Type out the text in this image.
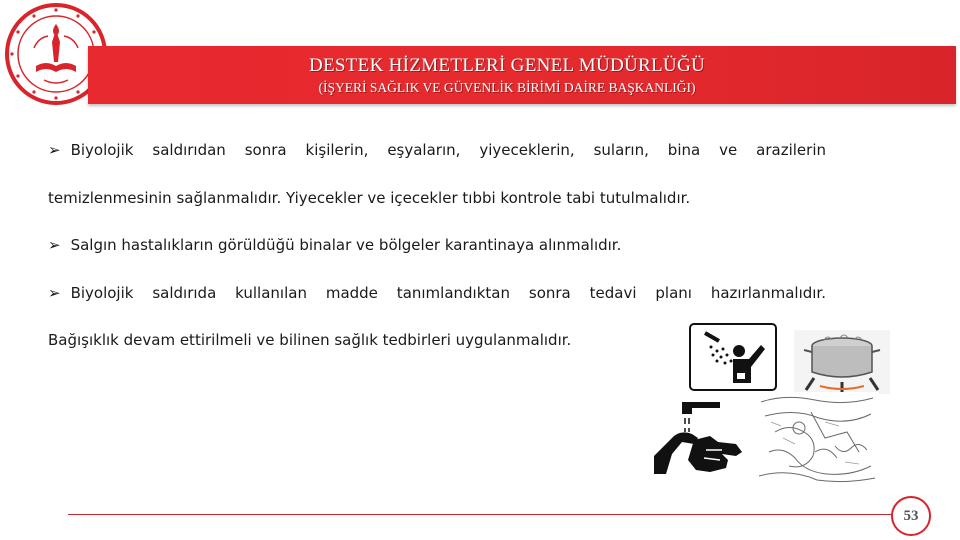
DESTEK HİZMETLERİ GENEL MÜDÜRLÜĞÜ
(İŞYERİ SAĞLIK VE GÜVENLİK BİRİMİ DAİRE BAŞKANLIĞI)
➢ Biyolojik saldırıdan sonra kişilerin, eşyaların, yiyeceklerin, suların, bina ve arazilerin
temizlenmesinin sağlanmalıdır. Yiyecekler ve içecekler tıbbi kontrole tabi tutulmalıdır.
➢ Salgın hastalıkların görüldüğü binalar ve bölgeler karantinaya alınmalıdır.
➢ Biyolojik saldırıda kullanılan madde tanımlandıktan sonra tedavi planı hazırlanmalıdır.
Bağışıklık devam ettirilmeli ve bilinen sağlık tedbirleri uygulanmalıdır.
53
